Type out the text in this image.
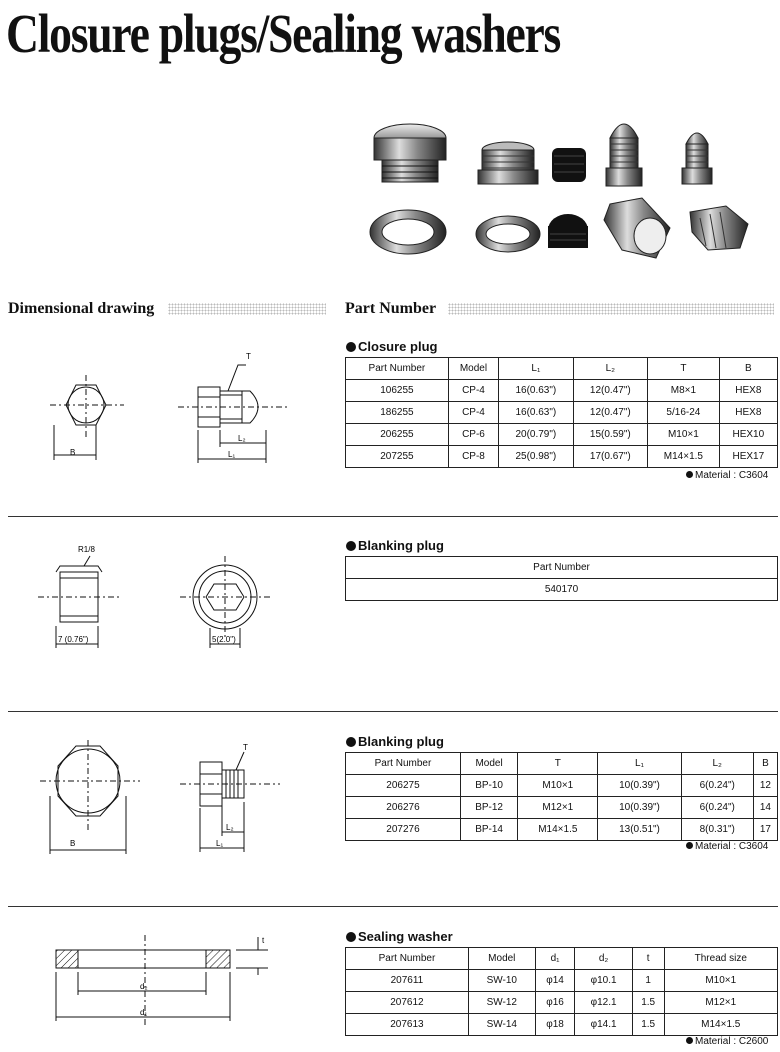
Closure plugs/Sealing washers
Dimensional drawing	Part Number
B
T
L₂
L₁
Closure plug
Part Number	Model	L₁	L₂	T	B
106255	CP-4	16(0.63")	12(0.47")	M8×1	HEX8
186255	CP-4	16(0.63")	12(0.47")	5/16-24	HEX8
206255	CP-6	20(0.79")	15(0.59")	M10×1	HEX10
207255	CP-8	25(0.98")	17(0.67")	M14×1.5	HEX17
Material : C3604
R1/8
7 (0.76")	5(2.0")
Blanking plug
Part Number
540170
B
T
L₂
L₁
Blanking plug
Part Number	Model	T	L₁	L₂	B
206275	BP-10	M10×1	10(0.39")	6(0.24")	12
206276	BP-12	M12×1	10(0.39")	6(0.24")	14
207276	BP-14	M14×1.5	13(0.51")	8(0.31")	17
Material : C3604
t
d₂
d₁
Sealing washer
Part Number	Model	d₁	d₂	t	Thread size
207611	SW-10	φ14	φ10.1	1	M10×1
207612	SW-12	φ16	φ12.1	1.5	M12×1
207613	SW-14	φ18	φ14.1	1.5	M14×1.5
Material : C2600
